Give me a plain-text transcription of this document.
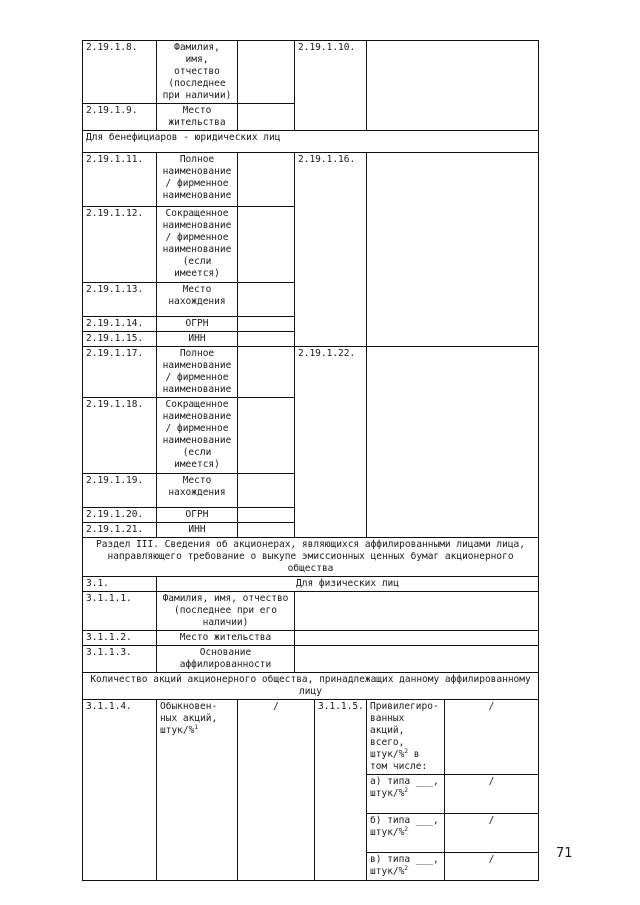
2.19.1.8.	Фамилия, имя, отчество (последнее при наличии)		2.19.1.10.			
2.19.1.9.	Место жительства					
Для бенефициаров - юридических лиц						
2.19.1.11.	Полное наименование / фирменное наименование		2.19.1.16.			
2.19.1.12.	Сокращенное наименование / фирменное наименование (если имеется)					
2.19.1.13.	Место нахождения					
2.19.1.14.	ОГРН					
2.19.1.15.	ИНН					
2.19.1.17.	Полное наименование / фирменное наименование		2.19.1.22.			
2.19.1.18.	Сокращенное наименование / фирменное наименование (если имеется)					
2.19.1.19.	Место нахождения					
2.19.1.20.	ОГРН					
2.19.1.21.	ИНН					
Раздел III. Сведения об акционерах, являющихся аффилированными лицами лица, направляющего требование о выкупе эмиссионных ценных бумаг акционерного общества						
3.1.	Для физических лиц					
3.1.1.1.	Фамилия, имя, отчество (последнее при его наличии)					
3.1.1.2.	Место жительства					
3.1.1.3.	Основание аффилированности					
Количество акций акционерного общества, принадлежащих данному аффилированному лицу						
3.1.1.4.	Обыкновен-ных акций, штук/%$^1$	/		3.1.1.5.	Привилегиро-ванных акций, всего, штук/%$^2$ в том числе:	/
					а) типа ___, штук/%$^2$	/
					б) типа ___, штук/%$^2$	/
					в) типа ___, штук/%$^2$	/	71
